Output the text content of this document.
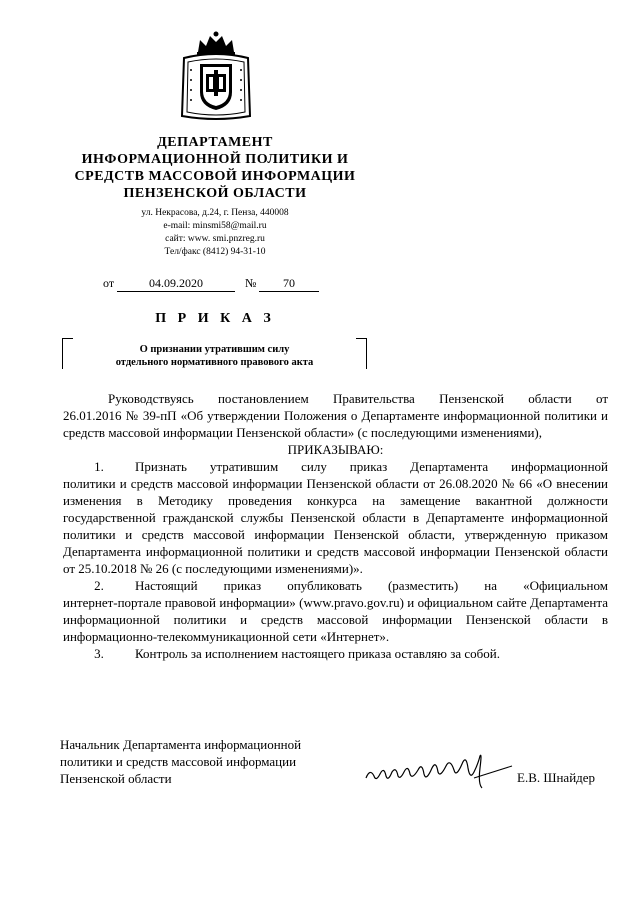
ДЕПАРТАМЕНТ
ИНФОРМАЦИОННОЙ ПОЛИТИКИ И
СРЕДСТВ МАССОВОЙ ИНФОРМАЦИИ
ПЕНЗЕНСКОЙ ОБЛАСТИ
ул. Некрасова, д.24, г. Пенза, 440008
e-mail: minsmi58@mail.ru
сайт: www. smi.pnzreg.ru
Тел/факс (8412) 94-31-10
от	04.09.2020	№	70
П Р И К А З
О признании утратившим силу
отдельного нормативного правового акта

Руководствуясь постановлением Правительства Пензенской области от

26.01.2016 № 39-пП «Об утверждении Положения о Департаменте информационной политики и средств массовой информации Пензенской области» (с последующими изменениями),

ПРИКАЗЫВАЮ:

1.	Признать утратившим силу приказ Департамента информационной

политики и средств массовой информации Пензенской области от 26.08.2020 № 66 «О внесении изменения в Методику проведения конкурса на замещение вакантной должности государственной гражданской службы Пензенской области в Департаменте информационной политики и средств массовой информации Пензенской области, утвержденную приказом Департамента информационной политики и средств массовой информации Пензенской области от 25.10.2018 № 26 (с последующими изменениями)».

2.	Настоящий приказ опубликовать (разместить) на «Официальном

интернет-портале правовой информации» (www.pravo.gov.ru) и официальном сайте Департамента информационной политики и средств массовой информации Пензенской области в информационно-телекоммуникационной сети «Интернет».

3.	Контроль за исполнением настоящего приказа оставляю за собой.
Начальник Департамента информационной
политики и средств массовой информации
Пензенской области	Е.В. Шнайдер
